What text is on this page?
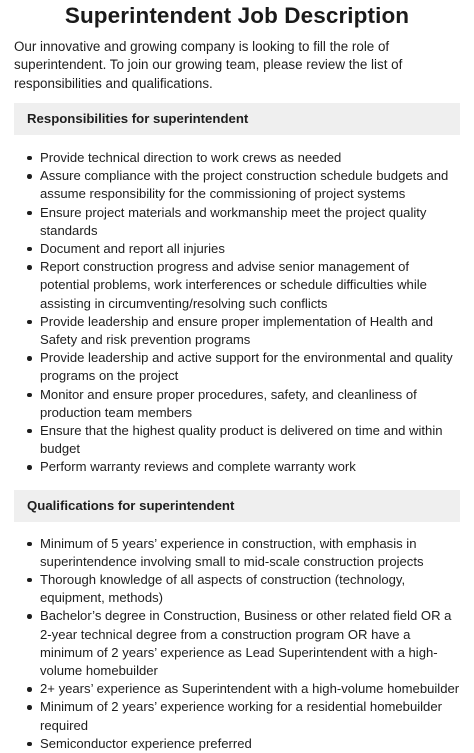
Superintendent Job Description

Our innovative and growing company is looking to fill the role of superintendent. To join our growing team, please review the list of responsibilities and qualifications.

Responsibilities for superintendent
Provide technical direction to work crews as needed
Assure compliance with the project construction schedule budgets and assume responsibility for the commissioning of project systems
Ensure project materials and workmanship meet the project quality standards
Document and report all injuries
Report construction progress and advise senior management of potential problems, work interferences or schedule difficulties while assisting in circumventing/resolving such conflicts
Provide leadership and ensure proper implementation of Health and Safety and risk prevention programs
Provide leadership and active support for the environmental and quality programs on the project
Monitor and ensure proper procedures, safety, and cleanliness of production team members
Ensure that the highest quality product is delivered on time and within budget
Perform warranty reviews and complete warranty work
Qualifications for superintendent
Minimum of 5 years’ experience in construction, with emphasis in superintendence involving small to mid-scale construction projects
Thorough knowledge of all aspects of construction (technology, equipment, methods)
Bachelor’s degree in Construction, Business or other related field OR a 2-year technical degree from a construction program OR have a minimum of 2 years’ experience as Lead Superintendent with a high-volume homebuilder
2+ years’ experience as Superintendent with a high-volume homebuilder
Minimum of 2 years’ experience working for a residential homebuilder required
Semiconductor experience preferred
